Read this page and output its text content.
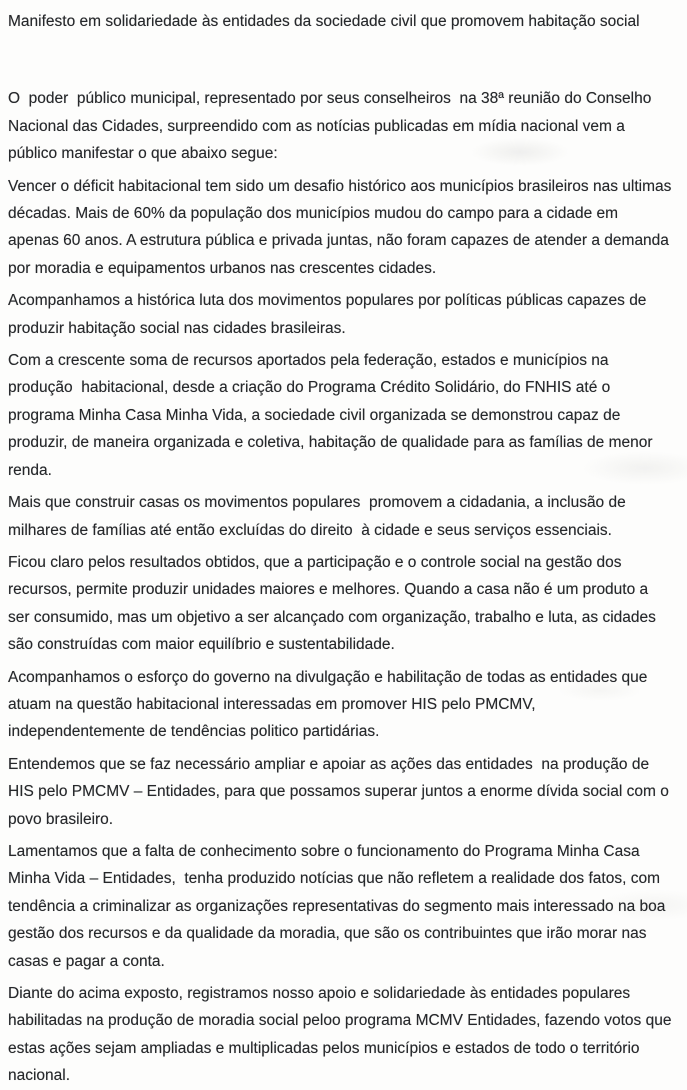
Manifesto em solidariedade às entidades da sociedade civil que promovem habitação social

O  poder  público municipal, representado por seus conselheiros  na 38ª reunião do Conselho Nacional das Cidades, surpreendido com as notícias publicadas em mídia nacional vem a público manifestar o que abaixo segue:

Vencer o déficit habitacional tem sido um desafio histórico aos municípios brasileiros nas ultimas décadas. Mais de 60% da população dos municípios mudou do campo para a cidade em apenas 60 anos. A estrutura pública e privada juntas, não foram capazes de atender a demanda por moradia e equipamentos urbanos nas crescentes cidades.

Acompanhamos a histórica luta dos movimentos populares por políticas públicas capazes de produzir habitação social nas cidades brasileiras.

Com a crescente soma de recursos aportados pela federação, estados e municípios na produção  habitacional, desde a criação do Programa Crédito Solidário, do FNHIS até o programa Minha Casa Minha Vida, a sociedade civil organizada se demonstrou capaz de produzir, de maneira organizada e coletiva, habitação de qualidade para as famílias de menor renda.

Mais que construir casas os movimentos populares  promovem a cidadania, a inclusão de milhares de famílias até então excluídas do direito  à cidade e seus serviços essenciais.

Ficou claro pelos resultados obtidos, que a participação e o controle social na gestão dos recursos, permite produzir unidades maiores e melhores. Quando a casa não é um produto a ser consumido, mas um objetivo a ser alcançado com organização, trabalho e luta, as cidades são construídas com maior equilíbrio e sustentabilidade.

Acompanhamos o esforço do governo na divulgação e habilitação de todas as entidades que atuam na questão habitacional interessadas em promover HIS pelo PMCMV, independentemente de tendências politico partidárias.

Entendemos que se faz necessário ampliar e apoiar as ações das entidades  na produção de HIS pelo PMCMV – Entidades, para que possamos superar juntos a enorme dívida social com o povo brasileiro.

Lamentamos que a falta de conhecimento sobre o funcionamento do Programa Minha Casa Minha Vida – Entidades,  tenha produzido notícias que não refletem a realidade dos fatos, com tendência a criminalizar as organizações representativas do segmento mais interessado na boa gestão dos recursos e da qualidade da moradia, que são os contribuintes que irão morar nas casas e pagar a conta.

Diante do acima exposto, registramos nosso apoio e solidariedade às entidades populares habilitadas na produção de moradia social peloo programa MCMV Entidades, fazendo votos que estas ações sejam ampliadas e multiplicadas pelos municípios e estados de todo o território nacional.
